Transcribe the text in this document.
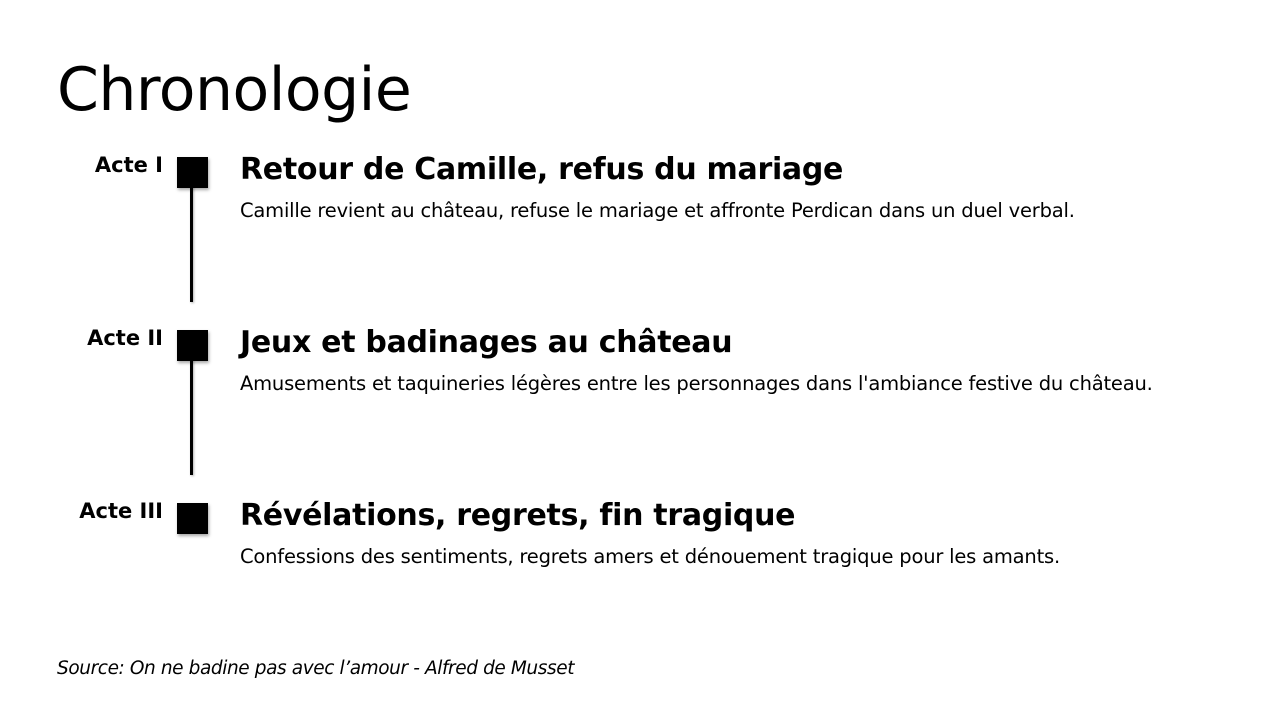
Chronologie
Acte I	Retour de Camille, refus du mariage
Camille revient au château, refuse le mariage et affronte Perdican dans un duel verbal.
Acte II	Jeux et badinages au château
Amusements et taquineries légères entre les personnages dans l'ambiance festive du château.
Acte III	Révélations, regrets, fin tragique
Confessions des sentiments, regrets amers et dénouement tragique pour les amants.
Source: On ne badine pas avec l’amour - Alfred de Musset
